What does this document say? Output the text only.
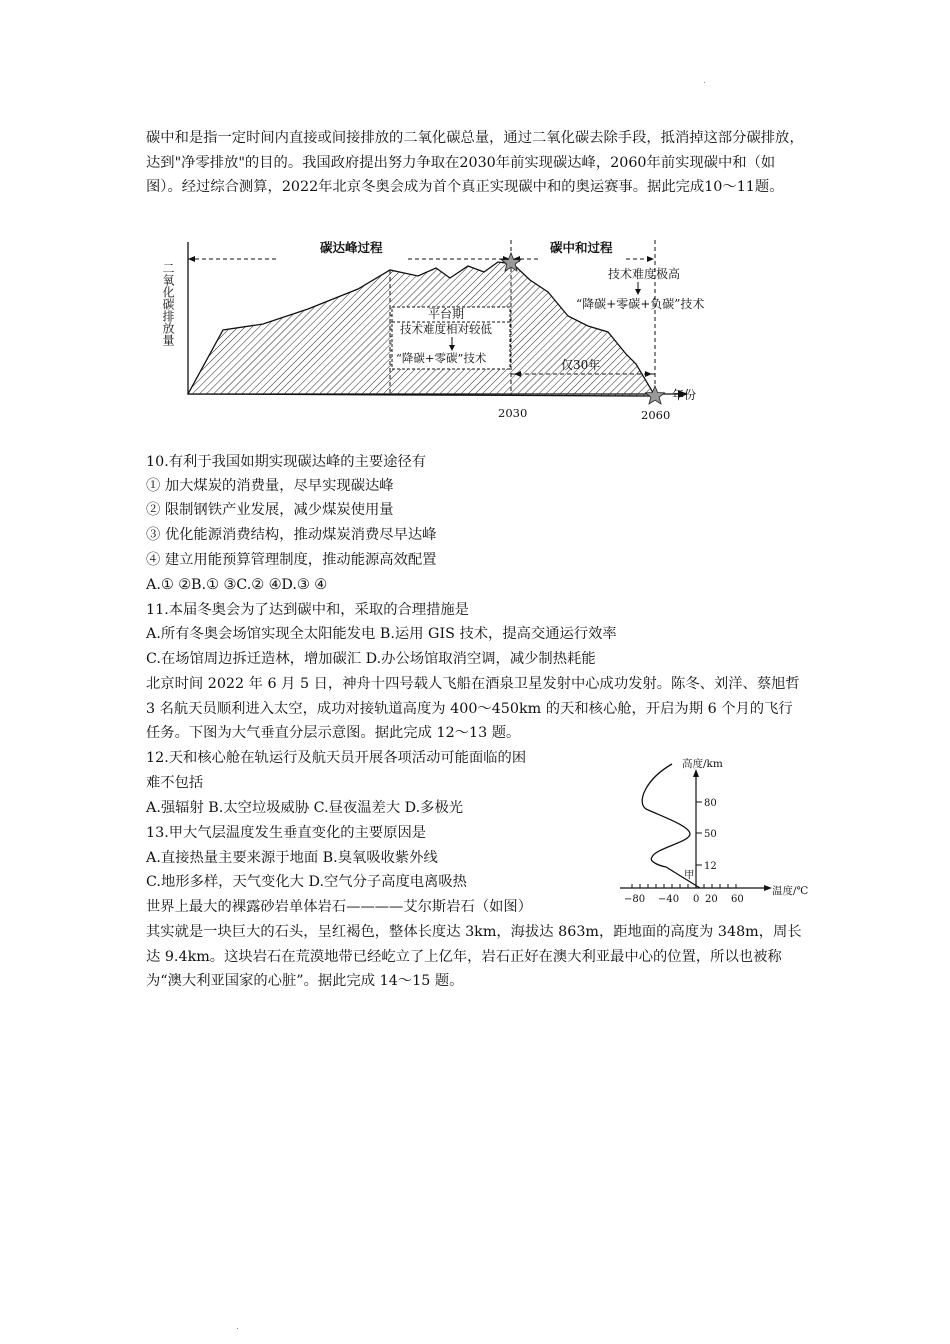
.

碳中和是指一定时间内直接或间接排放的二氧化碳总量，通过二氧化碳去除手段，抵消掉这部分碳排放，达到"净零排放"的目的。我国政府提出努力争取在2030年前实现碳达峰，2060年前实现碳中和（如图）。经过综合测算，2022年北京冬奥会成为首个真正实现碳中和的奥运赛事。据此完成10～11题。

平台期
技术难度相对较低
“降碳+零碳”技术
技术难度极高
“降碳+零碳+负碳”技术
仅30年
碳达峰过程	碳中和过程
2030	2060
年份
二氧化碳排放量

10.有利于我国如期实现碳达峰的主要途径有

① 加大煤炭的消费量，尽早实现碳达峰

② 限制钢铁产业发展，减少煤炭使用量

③ 优化能源消费结构，推动煤炭消费尽早达峰

④ 建立用能预算管理制度，推动能源高效配置

A.① ②B.① ③C.② ④D.③ ④

11.本届冬奥会为了达到碳中和，采取的合理措施是

A.所有冬奥会场馆实现全太阳能发电 B.运用 GIS 技术，提高交通运行效率

C.在场馆周边拆迁造林，增加碳汇 D.办公场馆取消空调，减少制热耗能

北京时间 2022 年 6 月 5 日，神舟十四号载人飞船在酒泉卫星发射中心成功发射。陈冬、刘洋、蔡旭哲 3 名航天员顺利进入太空，成功对接轨道高度为 400～450km 的天和核心舱，开启为期 6 个月的飞行任务。下图为大气垂直分层示意图。据此完成 12～13 题。

12.天和核心舱在轨运行及航天员开展各项活动可能面临的困

难不包括

A.强辐射 B.太空垃圾威胁 C.昼夜温差大 D.多极光

13.甲大气层温度发生垂直变化的主要原因是

A.直接热量主要来源于地面 B.臭氧吸收紫外线

C.地形多样，天气变化大 D.空气分子高度电离吸热

高度/km
温度/℃
−80 −40 0 20 60
80
50
12
甲

世界上最大的裸露砂岩单体岩石————艾尔斯岩石（如图）

其实就是一块巨大的石头，呈红褐色，整体长度达 3km，海拔达 863m，距地面的高度为 348m，周长达 9.4km。这块岩石在荒漠地带已经屹立了上亿年，岩石正好在澳大利亚最中心的位置，所以也被称为“澳大利亚国家的心脏”。据此完成 14～15 题。

.
